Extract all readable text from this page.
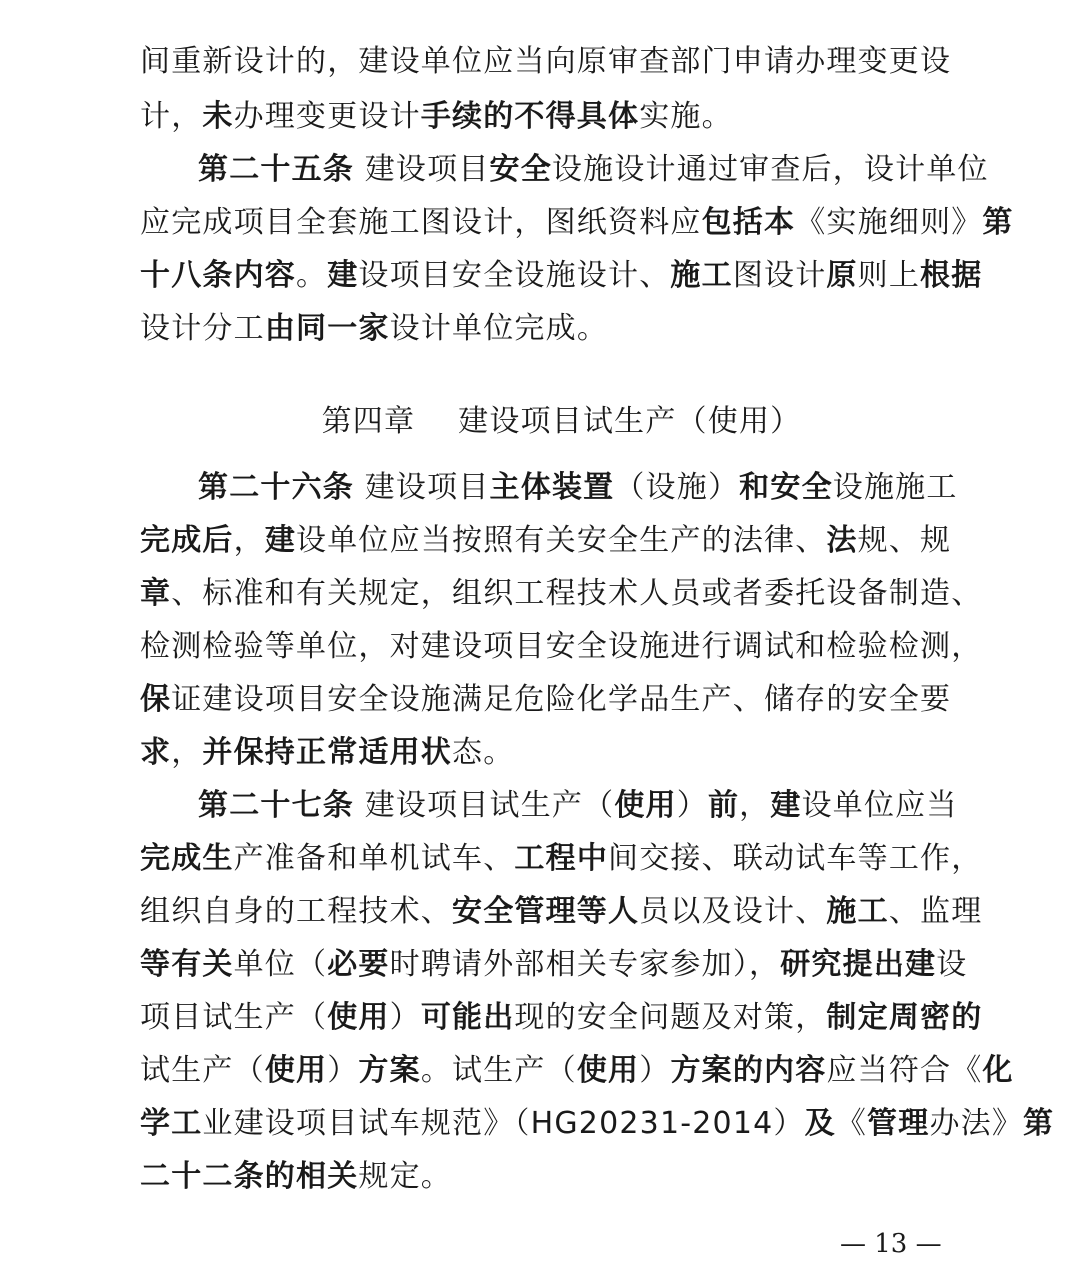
间重新设计的，建设单位应当向原审查部门申请办理变更设
计，未办理变更设计手续的不得具体实施。
第二十五条 建设项目安全设施设计通过审查后，设计单位
应完成项目全套施工图设计，图纸资料应包括本《实施细则》第
十八条内容。建设项目安全设施设计、施工图设计原则上根据
设计分工由同一家设计单位完成。
第二十六条 建设项目主体装置（设施）和安全设施施工
完成后，建设单位应当按照有关安全生产的法律、法规、规
章、标准和有关规定，组织工程技术人员或者委托设备制造、
检测检验等单位，对建设项目安全设施进行调试和检验检测，
保证建设项目安全设施满足危险化学品生产、储存的安全要
求，并保持正常适用状态。
第二十七条 建设项目试生产（使用）前，建设单位应当
完成生产准备和单机试车、工程中间交接、联动试车等工作，
组织自身的工程技术、安全管理等人员以及设计、施工、监理
等有关单位（必要时聘请外部相关专家参加），研究提出建设
项目试生产（使用）可能出现的安全问题及对策，制定周密的
试生产（使用）方案。试生产（使用）方案的内容应当符合《化
学工业建设项目试车规范》（HG20231-2014）及《管理办法》第
二十二条的相关规定。

第四章    建设项目试生产（使用）

— 13 —
